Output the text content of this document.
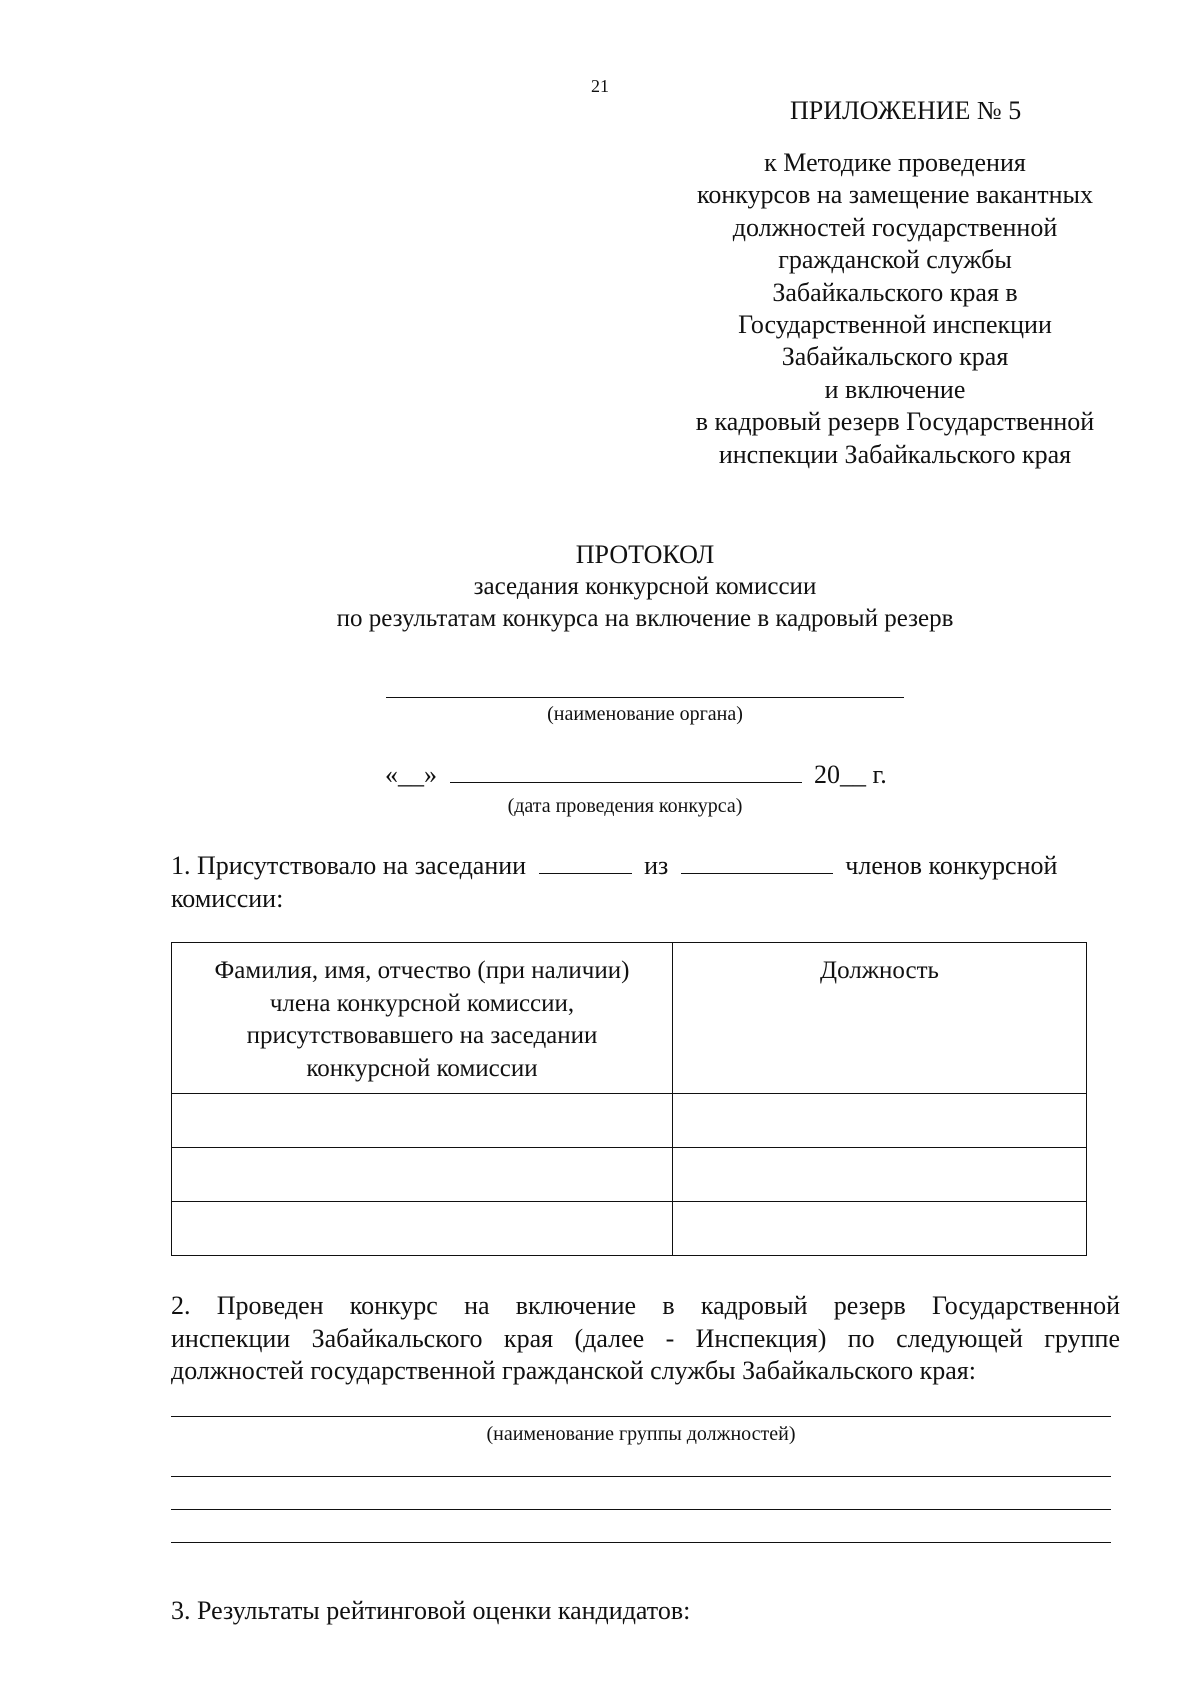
21
ПРИЛОЖЕНИЕ № 5
к Методике проведения
конкурсов на замещение вакантных
должностей государственной
гражданской службы
Забайкальского края в
Государственной инспекции
Забайкальского края
и включение
в кадровый резерв Государственной
инспекции Забайкальского края
ПРОТОКОЛ
заседания конкурсной комиссии
по результатам конкурса на включение в кадровый резерв
(наименование органа)
«__»	20__ г.
(дата проведения конкурса)
1. Присутствовало на заседании	из	членов конкурсной
комиссии:
Фамилия, имя, отчество (при наличии)
члена конкурсной комиссии,
присутствовавшего на заседании
конкурсной комиссии	Должность

2. Проведен конкурс на включение в кадровый резерв Государственной
инспекции Забайкальского края (далее - Инспекция) по следующей группе
должностей государственной гражданской службы Забайкальского края:
(наименование группы должностей)
3. Результаты рейтинговой оценки кандидатов:
